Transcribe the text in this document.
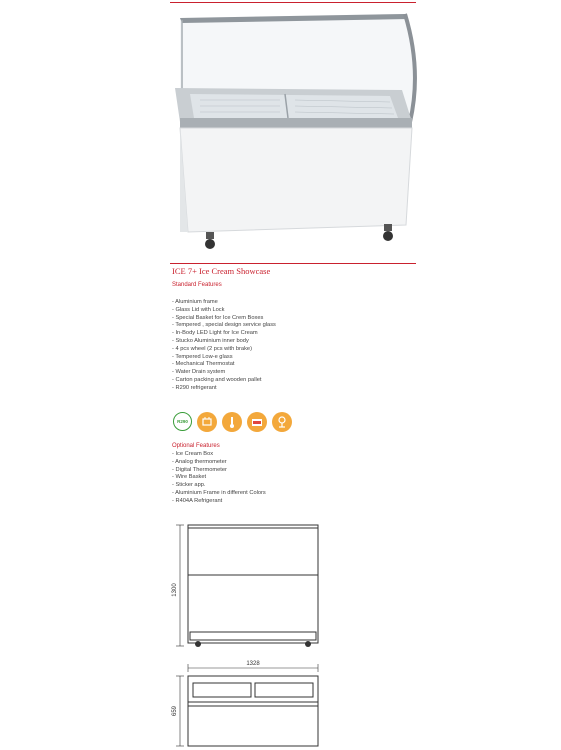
ICE 7+ Ice Cream Showcase
Standard Features
- Aluminium frame
- Glass Lid with Lock
- Special Basket for Ice Crem Boxes
- Tempered , special design service glass
- In-Body LED Light for Ice Cream
- Stucko Aluminium inner body
- 4 pcs wheel (2 pcs with brake)
- Tempered Low-e glass
- Mechanical Thermostat
- Water Drain system
- Carton packing and wooden pallet
- R290 refrigerant
R290
Optional Features
- Ice Cream Box
- Analog thermometer
- Digital Thermometer
- Wire Basket
- Sticker app.
- Aluminium Frame in different Colors
- R404A Refrigerant
1300
1328
659
